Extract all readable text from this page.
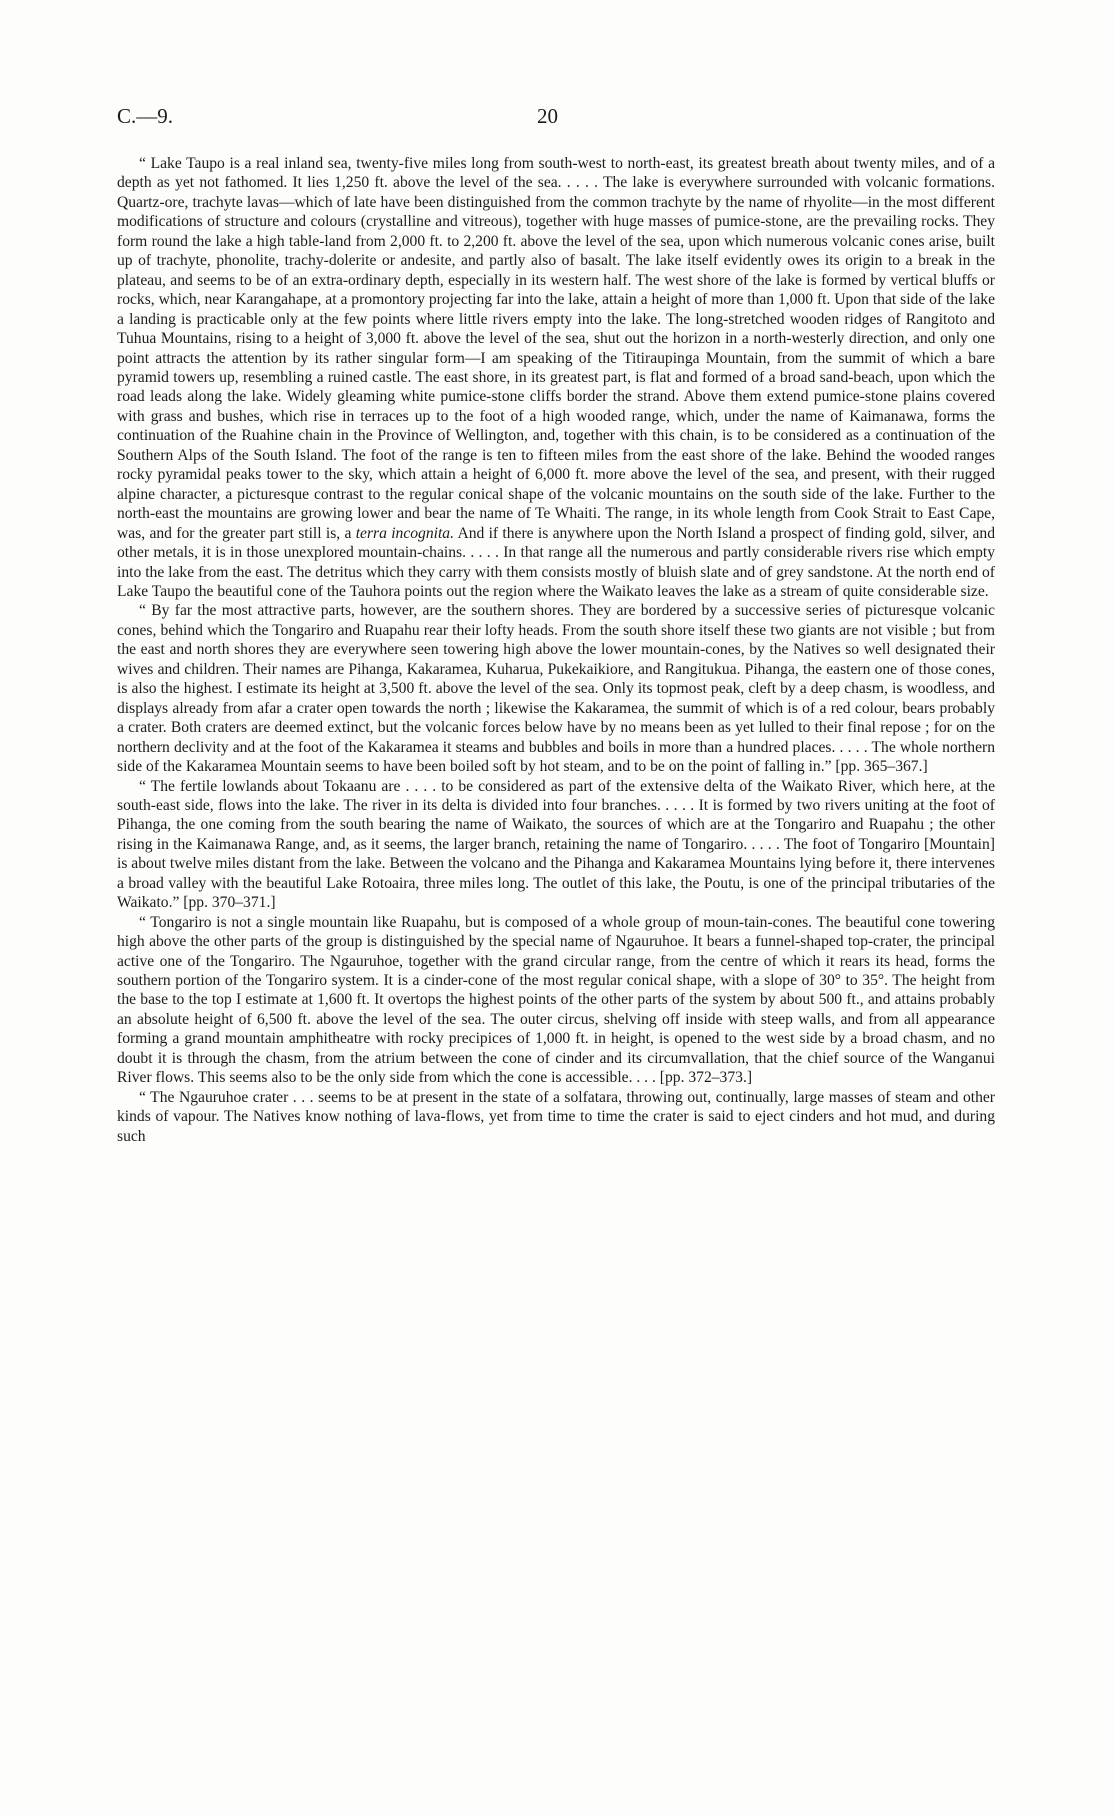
C.—9.	20

“ Lake Taupo is a real inland sea, twenty-five miles long from south-west to north-east, its greatest breath about twenty miles, and of a depth as yet not fathomed. It lies 1,250 ft. above the level of the sea. . . . . The lake is everywhere surrounded with volcanic formations. Quartz-ore, trachyte lavas—which of late have been distinguished from the common trachyte by the name of rhyolite—in the most different modifications of structure and colours (crystalline and vitreous), together with huge masses of pumice-stone, are the prevailing rocks. They form round the lake a high table-land from 2,000 ft. to 2,200 ft. above the level of the sea, upon which numerous volcanic cones arise, built up of trachyte, phonolite, trachy-dolerite or andesite, and partly also of basalt. The lake itself evidently owes its origin to a break in the plateau, and seems to be of an extra-ordinary depth, especially in its western half. The west shore of the lake is formed by vertical bluffs or rocks, which, near Karangahape, at a promontory projecting far into the lake, attain a height of more than 1,000 ft. Upon that side of the lake a landing is practicable only at the few points where little rivers empty into the lake. The long-stretched wooden ridges of Rangitoto and Tuhua Mountains, rising to a height of 3,000 ft. above the level of the sea, shut out the horizon in a north-westerly direction, and only one point attracts the attention by its rather singular form—I am speaking of the Titiraupinga Mountain, from the summit of which a bare pyramid towers up, resembling a ruined castle. The east shore, in its greatest part, is flat and formed of a broad sand-beach, upon which the road leads along the lake. Widely gleaming white pumice-stone cliffs border the strand. Above them extend pumice-stone plains covered with grass and bushes, which rise in terraces up to the foot of a high wooded range, which, under the name of Kaimanawa, forms the continuation of the Ruahine chain in the Province of Wellington, and, together with this chain, is to be considered as a continuation of the Southern Alps of the South Island. The foot of the range is ten to fifteen miles from the east shore of the lake. Behind the wooded ranges rocky pyramidal peaks tower to the sky, which attain a height of 6,000 ft. more above the level of the sea, and present, with their rugged alpine character, a picturesque contrast to the regular conical shape of the volcanic mountains on the south side of the lake. Further to the north-east the mountains are growing lower and bear the name of Te Whaiti. The range, in its whole length from Cook Strait to East Cape, was, and for the greater part still is, a terra incognita. And if there is anywhere upon the North Island a prospect of finding gold, silver, and other metals, it is in those unexplored mountain-chains. . . . . In that range all the numerous and partly considerable rivers rise which empty into the lake from the east. The detritus which they carry with them consists mostly of bluish slate and of grey sandstone. At the north end of Lake Taupo the beautiful cone of the Tauhora points out the region where the Waikato leaves the lake as a stream of quite considerable size.

“ By far the most attractive parts, however, are the southern shores. They are bordered by a successive series of picturesque volcanic cones, behind which the Tongariro and Ruapahu rear their lofty heads. From the south shore itself these two giants are not visible ; but from the east and north shores they are everywhere seen towering high above the lower mountain-cones, by the Natives so well designated their wives and children. Their names are Pihanga, Kakaramea, Kuharua, Pukekaikiore, and Rangitukua. Pihanga, the eastern one of those cones, is also the highest. I estimate its height at 3,500 ft. above the level of the sea. Only its topmost peak, cleft by a deep chasm, is woodless, and displays already from afar a crater open towards the north ; likewise the Kakaramea, the summit of which is of a red colour, bears probably a crater. Both craters are deemed extinct, but the volcanic forces below have by no means been as yet lulled to their final repose ; for on the northern declivity and at the foot of the Kakaramea it steams and bubbles and boils in more than a hundred places. . . . . The whole northern side of the Kakaramea Mountain seems to have been boiled soft by hot steam, and to be on the point of falling in.” [pp. 365–367.]

“ The fertile lowlands about Tokaanu are . . . . to be considered as part of the extensive delta of the Waikato River, which here, at the south-east side, flows into the lake. The river in its delta is divided into four branches. . . . . It is formed by two rivers uniting at the foot of Pihanga, the one coming from the south bearing the name of Waikato, the sources of which are at the Tongariro and Ruapahu ; the other rising in the Kaimanawa Range, and, as it seems, the larger branch, retaining the name of Tongariro. . . . . The foot of Tongariro [Mountain] is about twelve miles distant from the lake. Between the volcano and the Pihanga and Kakaramea Mountains lying before it, there intervenes a broad valley with the beautiful Lake Rotoaira, three miles long. The outlet of this lake, the Poutu, is one of the principal tributaries of the Waikato.” [pp. 370–371.]

“ Tongariro is not a single mountain like Ruapahu, but is composed of a whole group of moun-tain-cones. The beautiful cone towering high above the other parts of the group is distinguished by the special name of Ngauruhoe. It bears a funnel-shaped top-crater, the principal active one of the Tongariro. The Ngauruhoe, together with the grand circular range, from the centre of which it rears its head, forms the southern portion of the Tongariro system. It is a cinder-cone of the most regular conical shape, with a slope of 30° to 35°. The height from the base to the top I estimate at 1,600 ft. It overtops the highest points of the other parts of the system by about 500 ft., and attains probably an absolute height of 6,500 ft. above the level of the sea. The outer circus, shelving off inside with steep walls, and from all appearance forming a grand mountain amphitheatre with rocky precipices of 1,000 ft. in height, is opened to the west side by a broad chasm, and no doubt it is through the chasm, from the atrium between the cone of cinder and its circumvallation, that the chief source of the Wanganui River flows. This seems also to be the only side from which the cone is accessible. . . . [pp. 372–373.]

“ The Ngauruhoe crater . . . seems to be at present in the state of a solfatara, throwing out, continually, large masses of steam and other kinds of vapour. The Natives know nothing of lava-flows, yet from time to time the crater is said to eject cinders and hot mud, and during such
